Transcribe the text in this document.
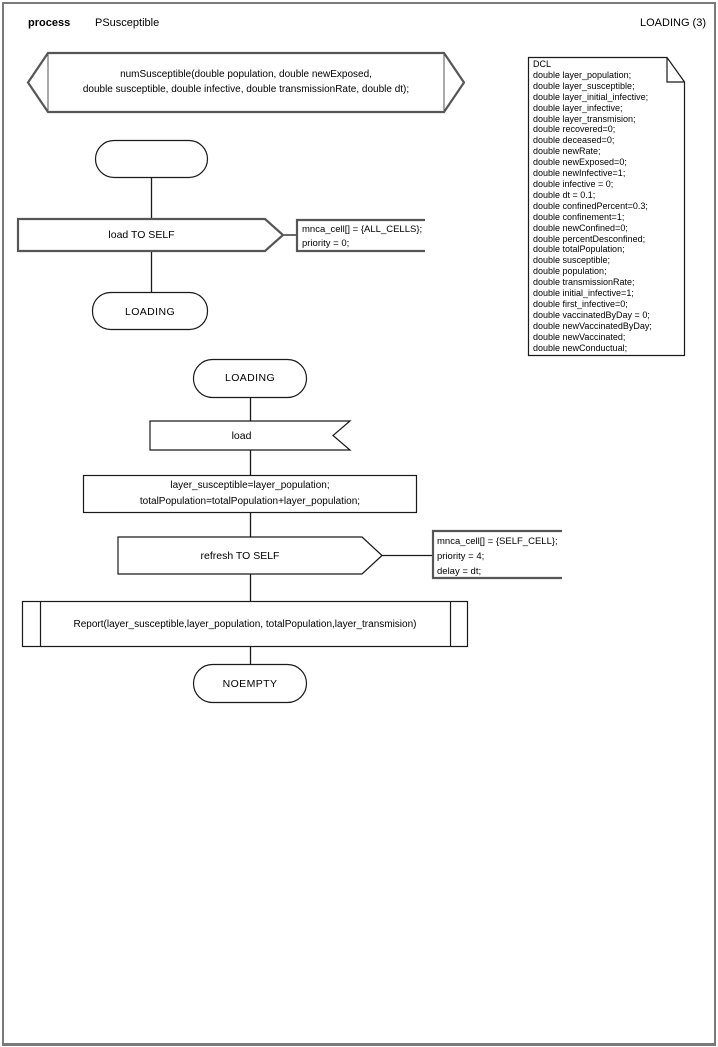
process PSusceptible	LOADING (3)
numSusceptible(double population, double newExposed,
double susceptible, double infective, double transmissionRate, double dt);
DCL
double layer_population;
double layer_susceptible;
double layer_initial_infective;
double layer_infective;
double layer_transmision;
double recovered=0;
double deceased=0;
double newRate;
double newExposed=0;
double newInfective=1;
double infective = 0;
double dt = 0.1;
double confinedPercent=0.3;
double confinement=1;
double newConfined=0;
double percentDesconfined;
double totalPopulation;
double susceptible;
double population;
double transmissionRate;
double initial_infective=1;
double first_infective=0;
double vaccinatedByDay = 0;
double newVaccinatedByDay;
double newVaccinated;
double newConductual;
load TO SELF	mnca_cell[] = {ALL_CELLS};
priority = 0;
LOADING
LOADING
load
layer_susceptible=layer_population;
totalPopulation=totalPopulation+layer_population;
refresh TO SELF
mnca_cell[] = {SELF_CELL};
priority = 4;
delay = dt;
Report(layer_susceptible,layer_population, totalPopulation,layer_transmision)
NOEMPTY
